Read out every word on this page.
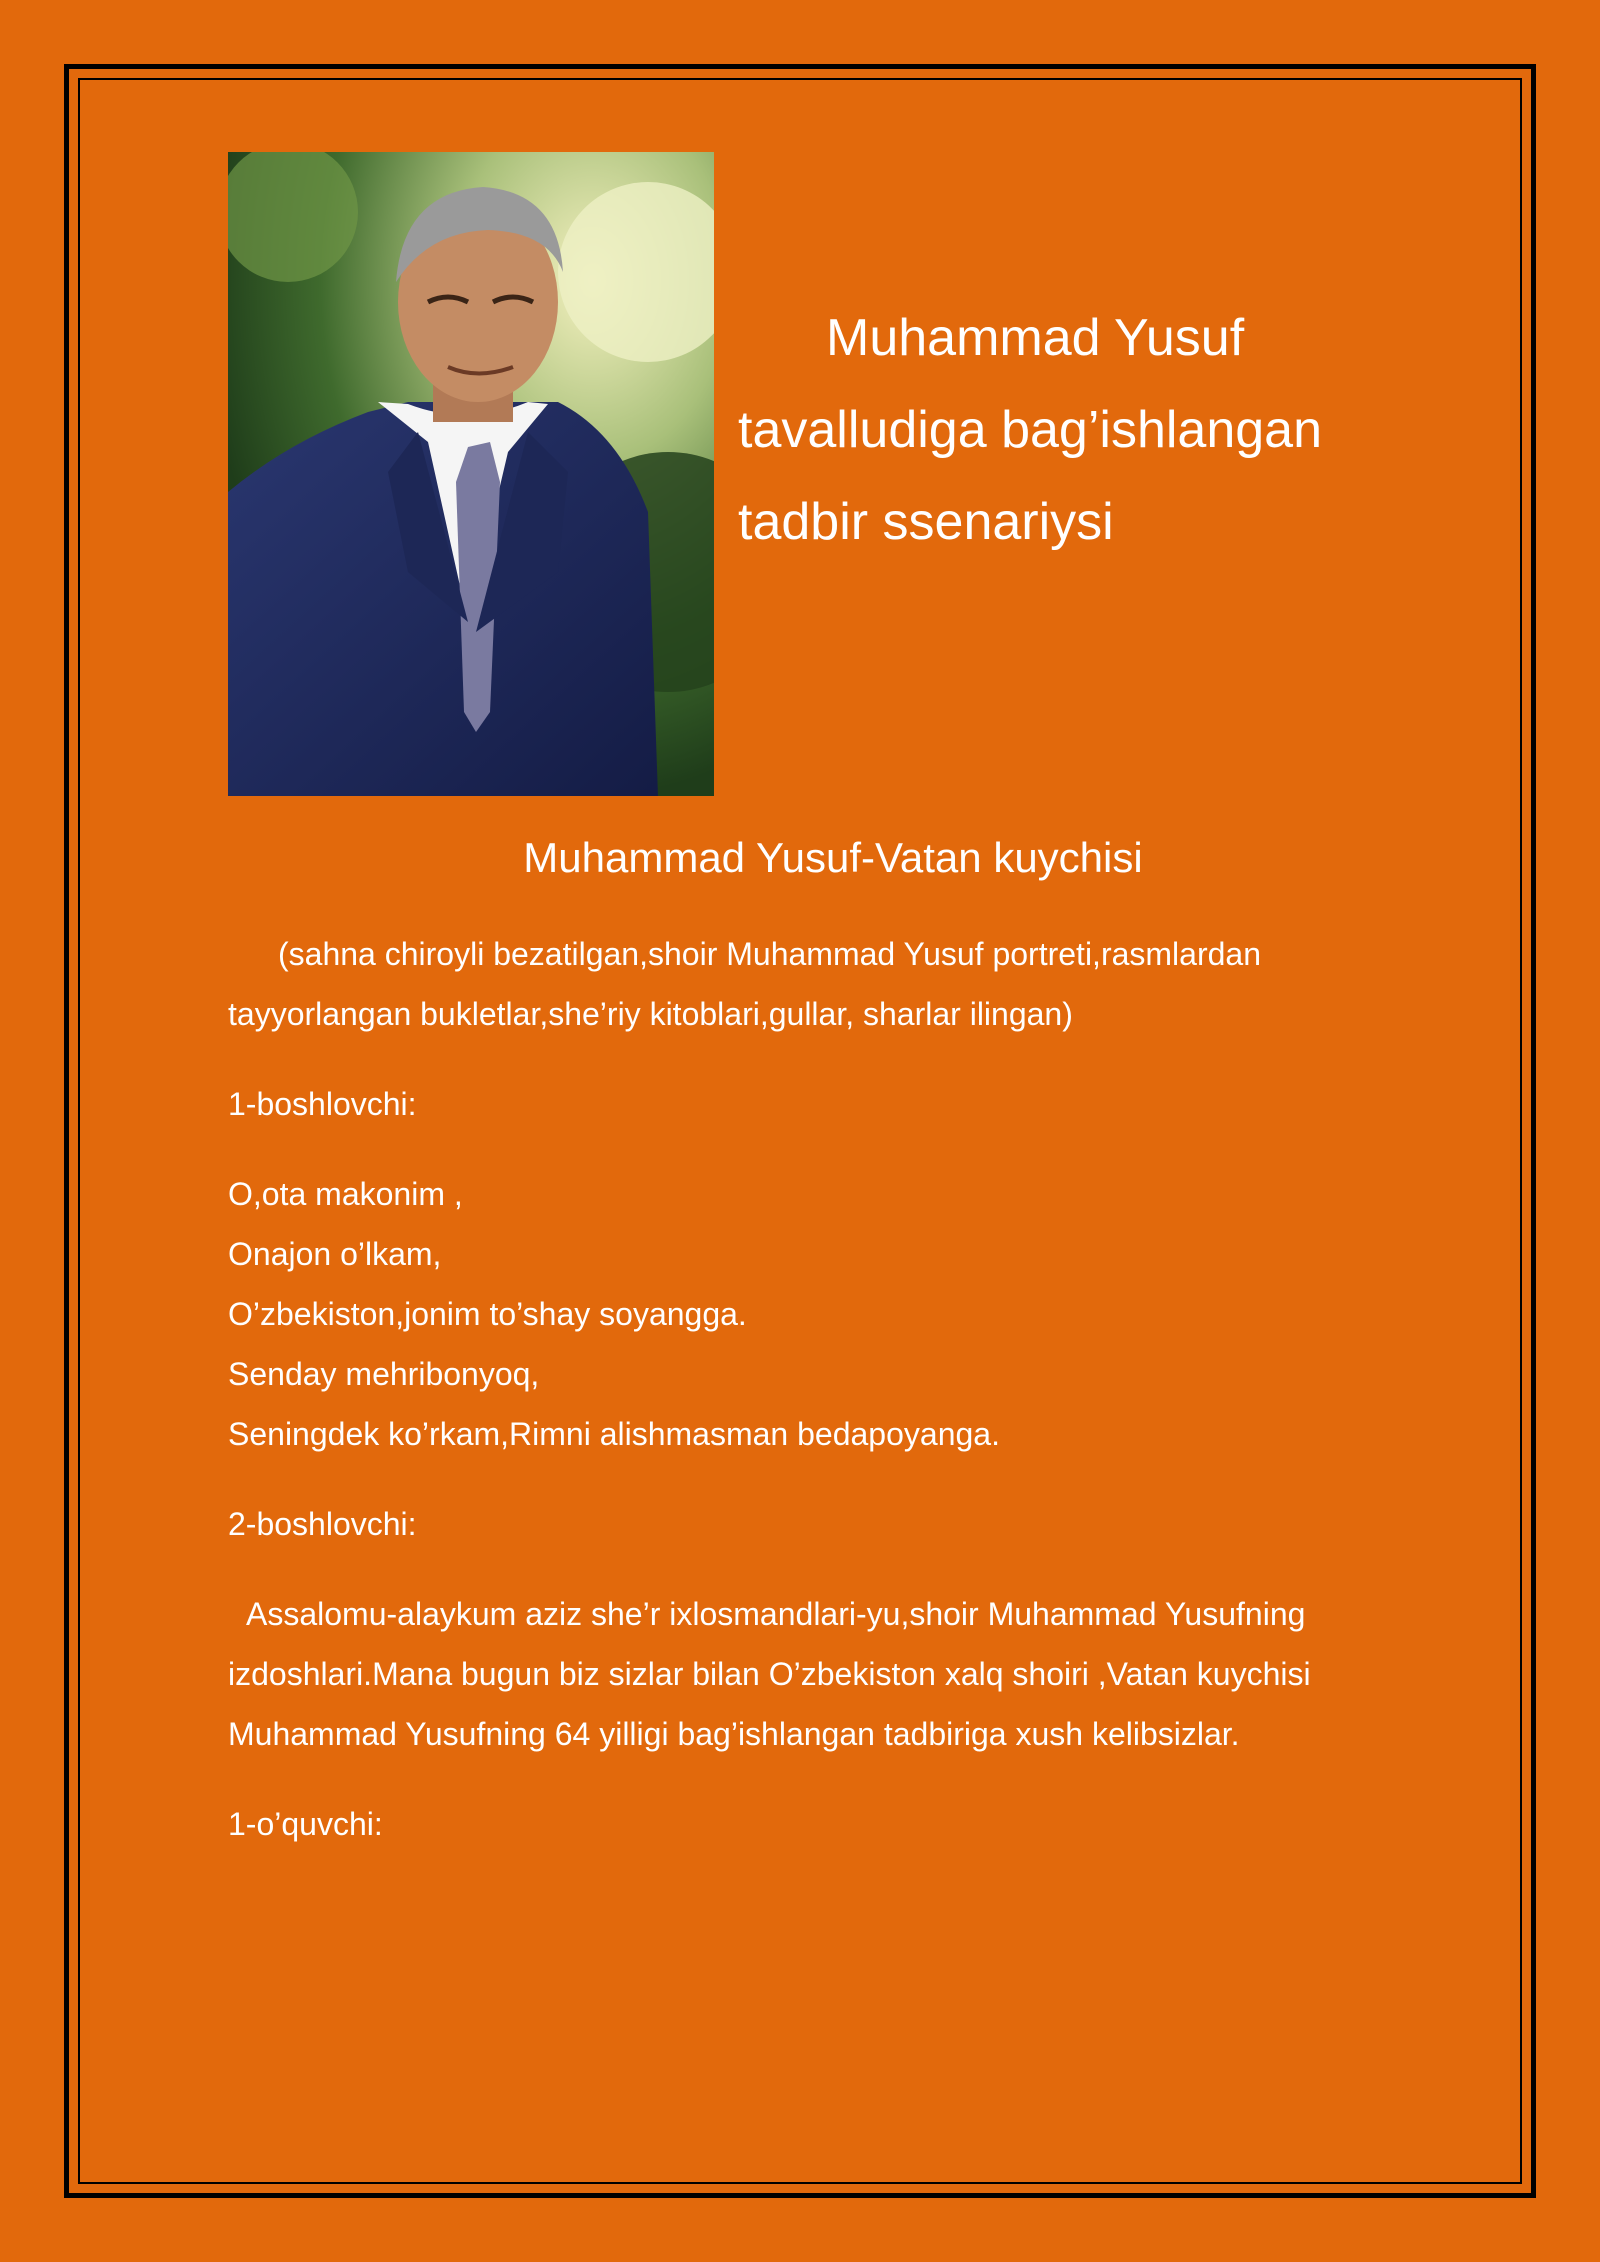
Muhammad Yusuf
tavalludiga bag’ishlangan
tadbir ssenariysi

Muhammad Yusuf-Vatan kuychisi

(sahna chiroyli bezatilgan,shoir Muhammad Yusuf portreti,rasmlardan tayyorlangan bukletlar,she’riy kitoblari,gullar, sharlar ilingan)

1-boshlovchi:

O,ota makonim ,
Onajon o’lkam,
O’zbekiston,jonim to’shay soyangga.
Senday mehribonyoq,
Seningdek ko’rkam,Rimni alishmasman bedapoyanga.

2-boshlovchi:

Assalomu-alaykum aziz she’r ixlosmandlari-yu,shoir Muhammad Yusufning izdoshlari.Mana bugun biz sizlar bilan O’zbekiston xalq shoiri ,Vatan kuychisi Muhammad Yusufning 64 yilligi bag’ishlangan tadbiriga xush kelibsizlar.

1-o’quvchi:
